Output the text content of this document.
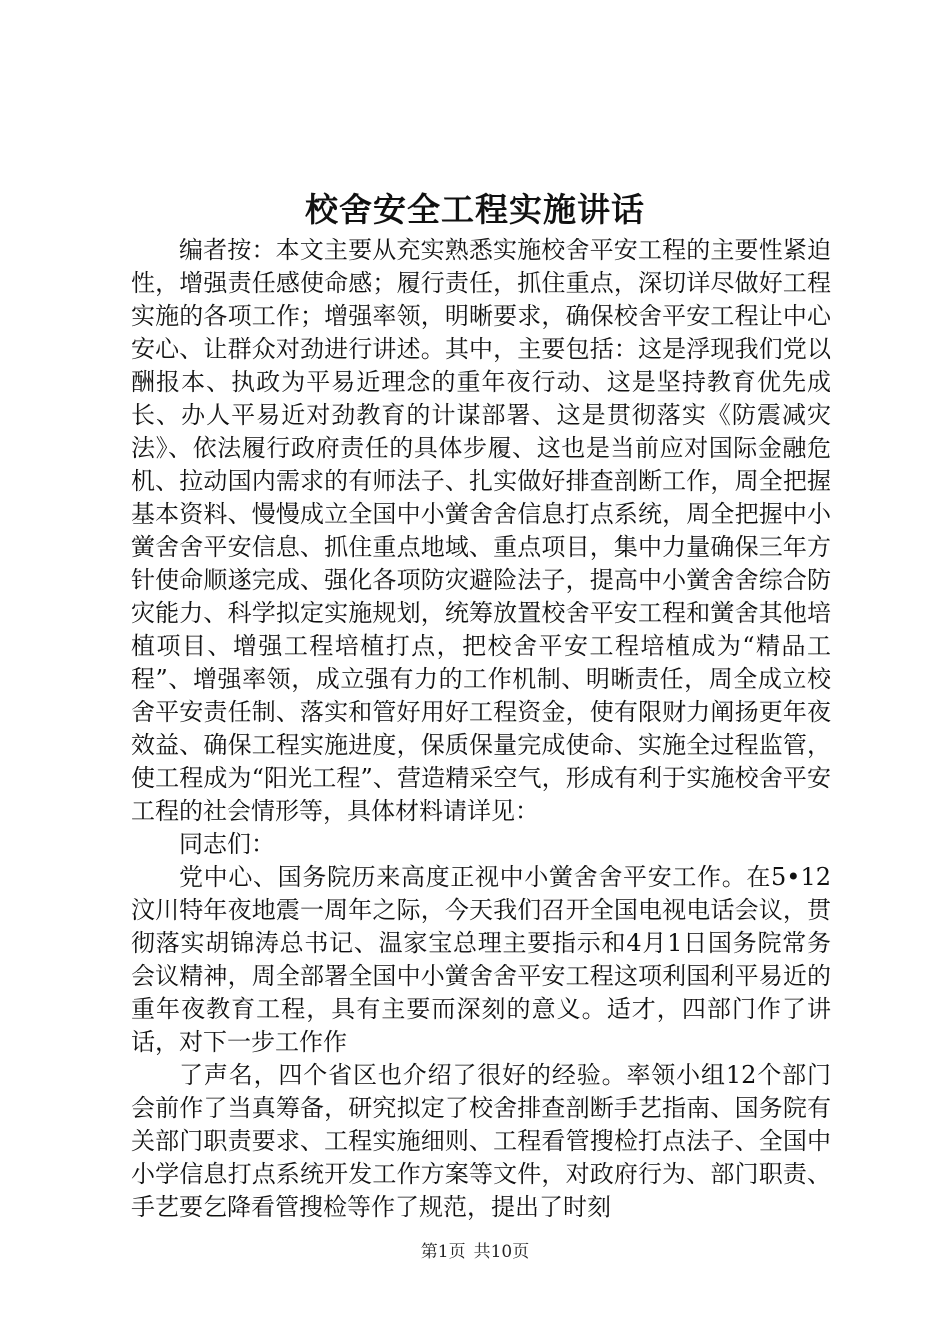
校舍安全工程实施讲话

编者按：本文主要从充实熟悉实施校舍平安工程的主要性紧迫性，增强责任感使命感；履行责任，抓住重点，深切详尽做好工程实施的各项工作；增强率领，明晰要求，确保校舍平安工程让中心安心、让群众对劲进行讲述。其中，主要包括：这是浮现我们党以酬报本、执政为平易近理念的重年夜行动、这是坚持教育优先成长、办人平易近对劲教育的计谋部署、这是贯彻落实《防震减灾法》、依法履行政府责任的具体步履、这也是当前应对国际金融危机、拉动国内需求的有师法子、扎实做好排查剖断工作，周全把握基本资料、慢慢成立全国中小黉舍舍信息打点系统，周全把握中小黉舍舍平安信息、抓住重点地域、重点项目，集中力量确保三年方针使命顺遂完成、强化各项防灾避险法子，提高中小黉舍舍综合防灾能力、科学拟定实施规划，统筹放置校舍平安工程和黉舍其他培植项目、增强工程培植打点，把校舍平安工程培植成为“精品工程”、增强率领，成立强有力的工作机制、明晰责任，周全成立校舍平安责任制、落实和管好用好工程资金，使有限财力阐扬更年夜效益、确保工程实施进度，保质保量完成使命、实施全过程监管，使工程成为“阳光工程”、营造精采空气，形成有利于实施校舍平安工程的社会情形等，具体材料请详见：

同志们：

党中心、国务院历来高度正视中小黉舍舍平安工作。在5•12汶川特年夜地震一周年之际，今天我们召开全国电视电话会议，贯彻落实胡锦涛总书记、温家宝总理主要指示和4月1日国务院常务会议精神，周全部署全国中小黉舍舍平安工程这项利国利平易近的重年夜教育工程，具有主要而深刻的意义。适才，四部门作了讲话，对下一步工作作

了声名，四个省区也介绍了很好的经验。率领小组12个部门会前作了当真筹备，研究拟定了校舍排查剖断手艺指南、国务院有关部门职责要求、工程实施细则、工程看管搜检打点法子、全国中小学信息打点系统开发工作方案等文件，对政府行为、部门职责、手艺要乞降看管搜检等作了规范，提出了时刻

第1页 共10页
